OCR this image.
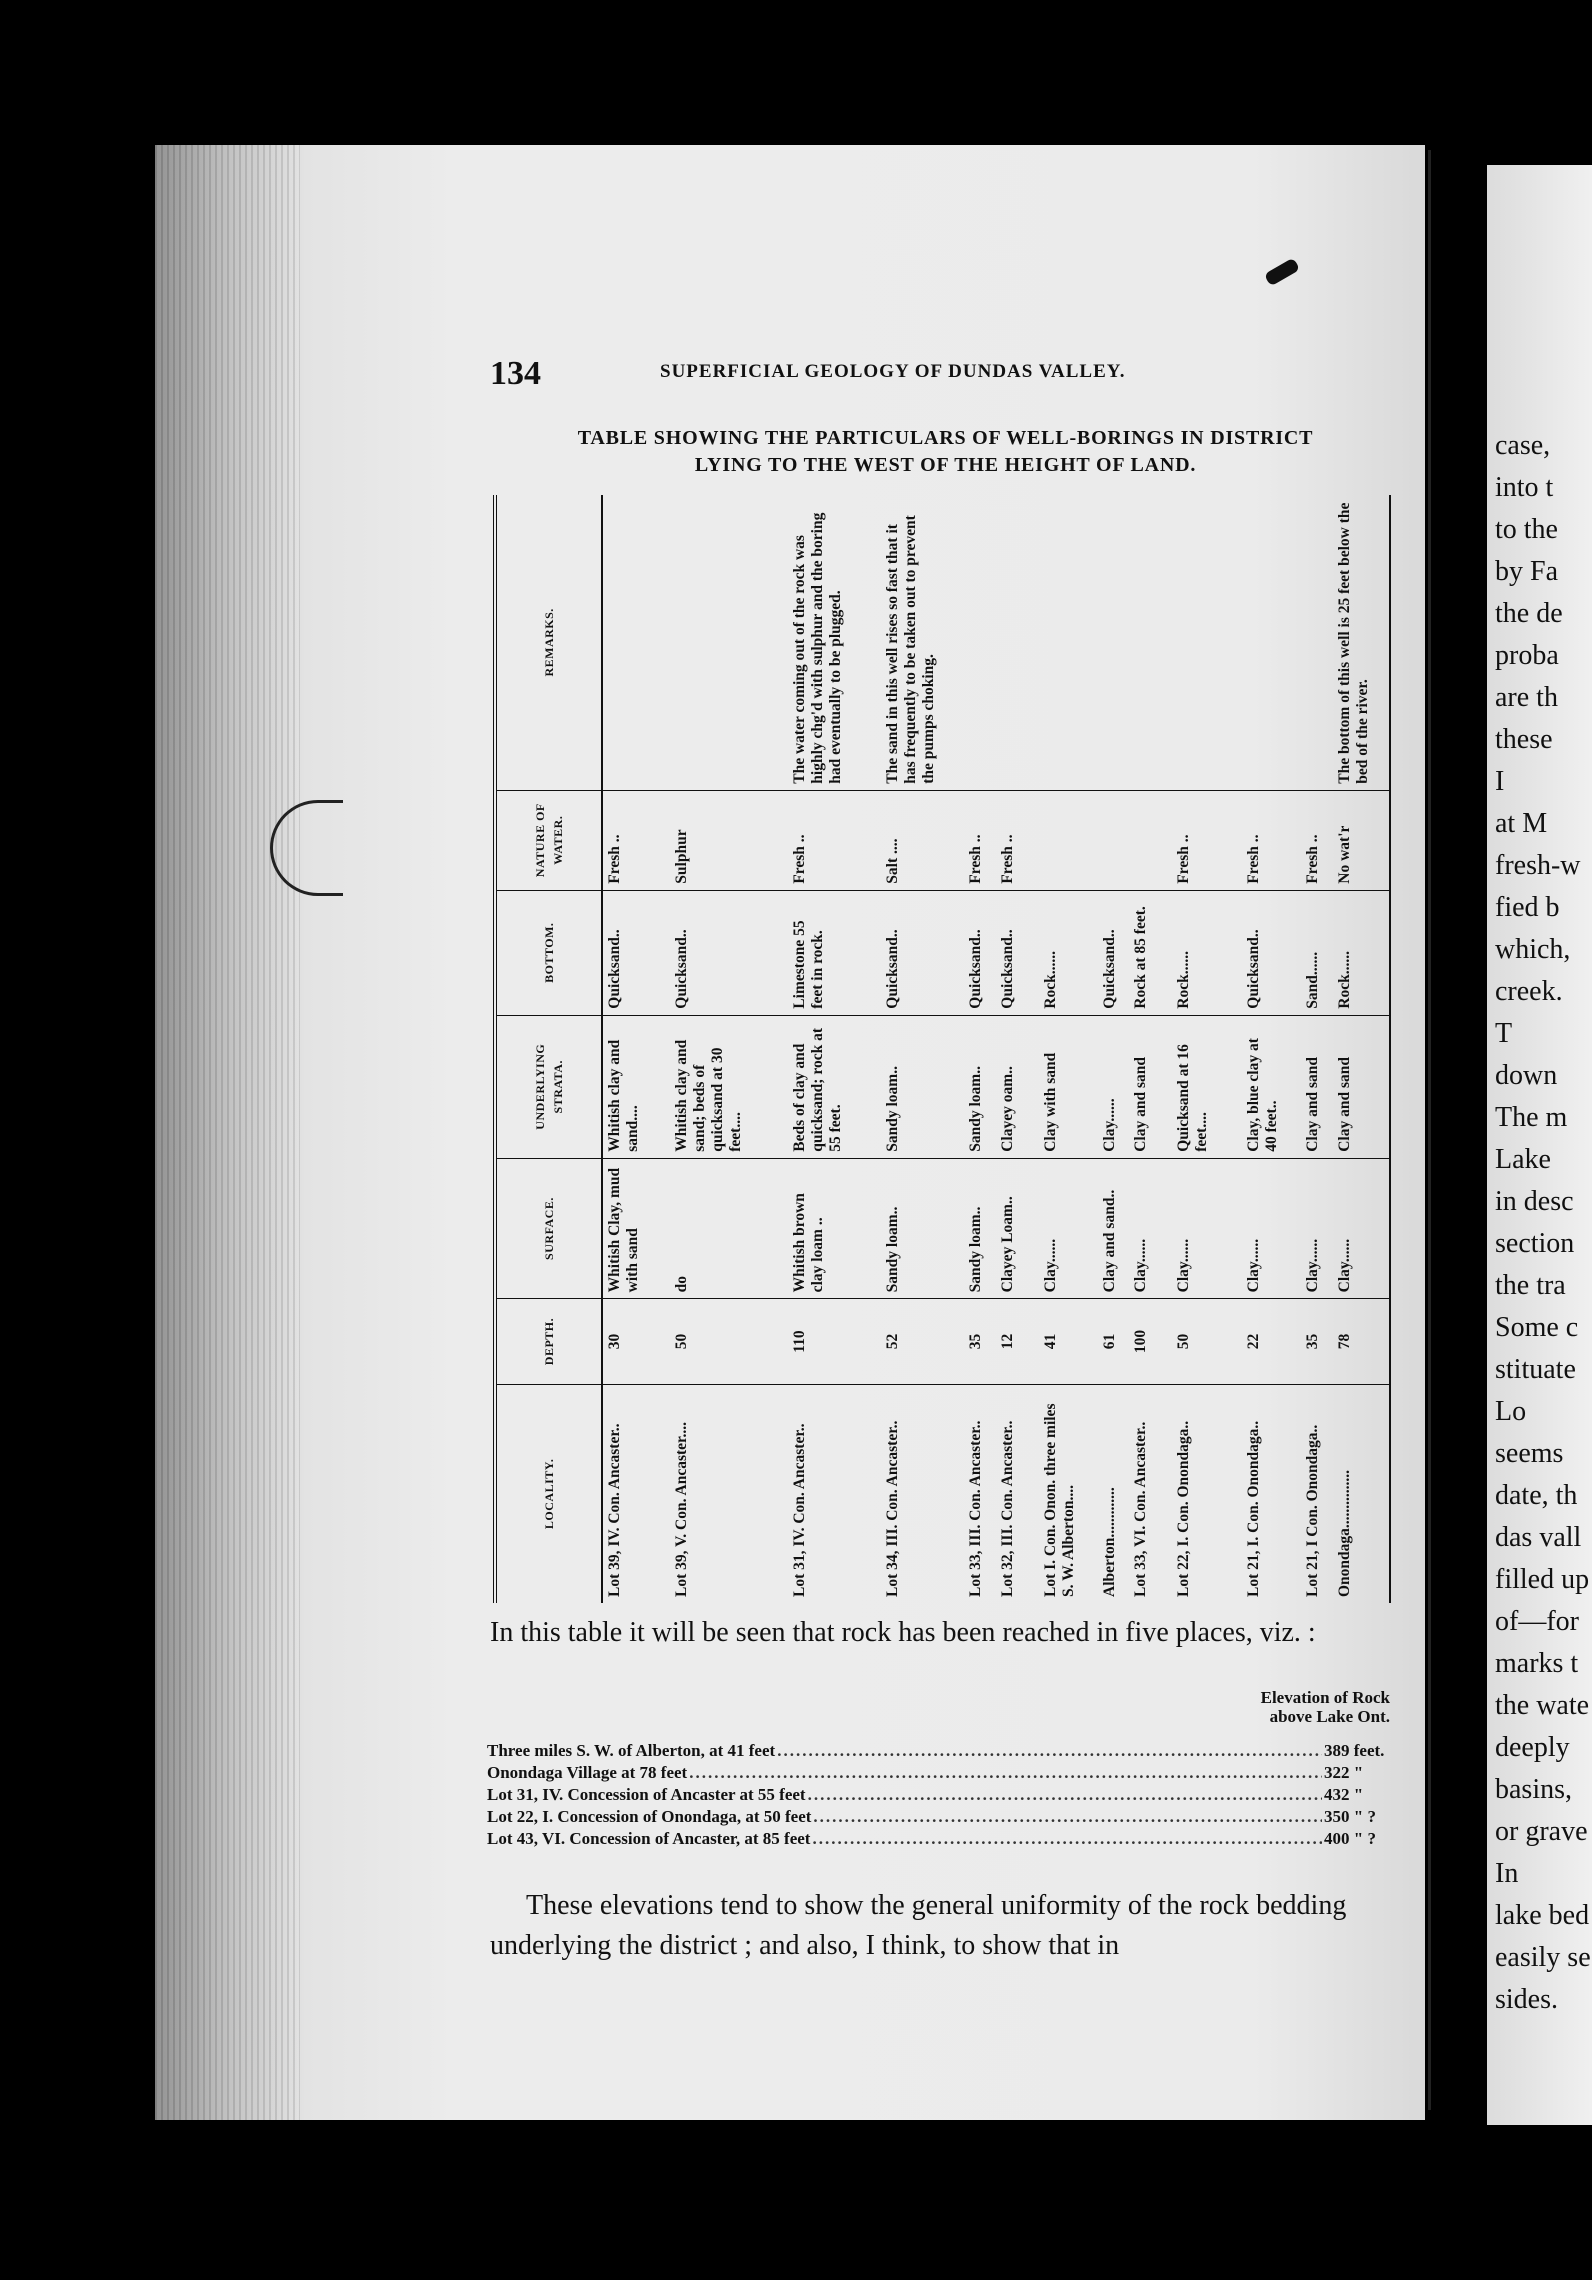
case,
into t
to the
by Fa
the de
proba
are th
these
I
at M
fresh-w
fied b
which,
creek.
T
down
The m
Lake
in desc
section
the tra
Some c
stituate
Lo
seems
date, th
das vall
filled up
of—for
marks t
the wate
deeply
basins,
or grave
In
lake bed
easily se
sides.
134	SUPERFICIAL GEOLOGY OF DUNDAS VALLEY.
TABLE SHOWING THE PARTICULARS OF WELL-BORINGS IN DISTRICT
LYING TO THE WEST OF THE HEIGHT OF LAND.
LOCALITY.	DEPTH.	SURFACE.	UNDERLYING STRATA.	BOTTOM.	NATURE OF WATER.	REMARKS.
Lot 39, IV. Con. Ancaster..	30	Whitish Clay, mud with sand	Whitish clay and sand....	Quicksand..	Fresh ..	
Lot 39, V. Con. Ancaster....	50	do	Whitish clay and sand; beds of quicksand at 30 feet....	Quicksand..	Sulphur	
Lot 31, IV. Con. Ancaster..	110	Whitish brown clay loam ..	Beds of clay and quicksand; rock at 55 feet.	Limestone 55 feet in rock.	Fresh ..	The water coming out of the rock was highly chg'd with sulphur and the boring had eventually to be plugged.
Lot 34, III. Con. Ancaster..	52	Sandy loam..	Sandy loam..	Quicksand..	Salt ....	The sand in this well rises so fast that it has frequently to be taken out to prevent the pumps choking.
Lot 33, III. Con. Ancaster..	35	Sandy loam..	Sandy loam..	Quicksand..	Fresh ..	
Lot 32, III. Con. Ancaster..	12	Clayey Loam..	Clayey oam..	Quicksand..	Fresh ..	
Lot I. Con. Onon. three miles S. W. Alberton....	41	Clay......	Clay with sand	Rock......		
Alberton.............	61	Clay and sand..	Clay......	Quicksand..		
Lot 33, VI. Con. Ancaster..	100	Clay......	Clay and sand	Rock at 85 feet.		
Lot 22, I. Con. Onondaga..	50	Clay......	Quicksand at 16 feet....	Rock......	Fresh ..	
Lot 21, I. Con. Onondaga..	22	Clay......	Clay, blue clay at 40 feet..	Quicksand..	Fresh ..	
Lot 21, I Con. Onondaga..	35	Clay......	Clay and sand	Sand......	Fresh ..	
Onondaga...............	78	Clay......	Clay and sand	Rock......	No wat'r	The bottom of this well is 25 feet below the bed of the river.

In this table it will be seen that rock has been reached in five places, viz. :

Elevation of Rock
above Lake Ont.
Three miles S. W. of Alberton, at 41 feet .....	389 feet.
Onondaga Village at 78 feet .....	322 "
Lot 31, IV. Concession of Ancaster at 55 feet .....	432 "
Lot 22, I. Concession of Onondaga, at 50 feet .....	350 " ?
Lot 43, VI. Concession of Ancaster, at 85 feet .....	400 " ?

These elevations tend to show the general uniformity of the rock bedding underlying the district ; and also, I think, to show that in
